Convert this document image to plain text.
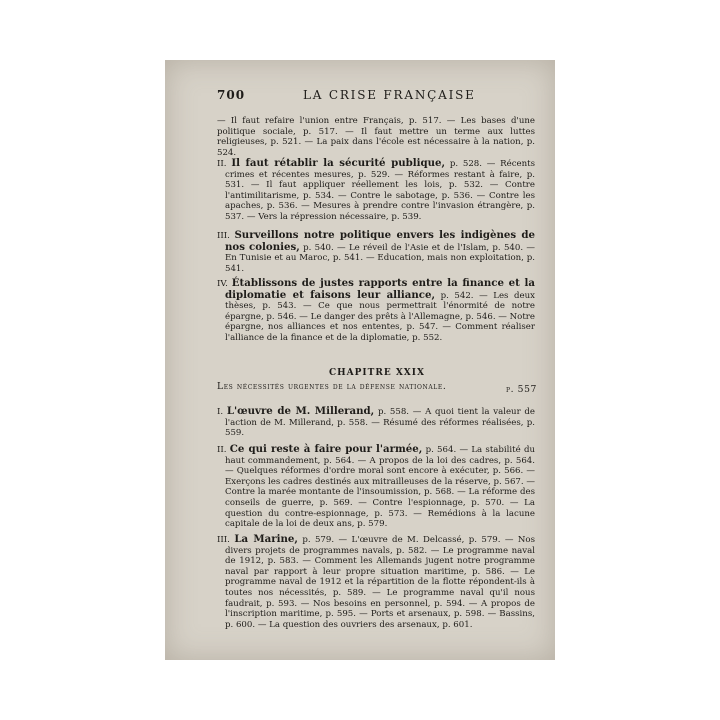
700	LA CRISE FRANÇAISE

— Il faut refaire l'union entre Français, p. 517. — Les bases d'une politique sociale, p. 517. — Il faut mettre un terme aux luttes religieuses, p. 521. — La paix dans l'école est nécessaire à la nation, p. 524.

II. Il faut rétablir la sécurité publique, p. 528. — Récents crimes et récentes mesures, p. 529. — Réformes restant à faire, p. 531. — Il faut appliquer réellement les lois, p. 532. — Contre l'antimilitarisme, p. 534. — Contre le sabotage, p. 536. — Contre les apaches, p. 536. — Mesures à prendre contre l'invasion étrangère, p. 537. — Vers la répression nécessaire, p. 539.

III. Surveillons notre politique envers les indigènes de nos colonies, p. 540. — Le réveil de l'Asie et de l'Islam, p. 540. — En Tunisie et au Maroc, p. 541. — Education, mais non exploitation, p. 541.

IV. Établissons de justes rapports entre la finance et la diplomatie et faisons leur alliance, p. 542. — Les deux thèses, p. 543. — Ce que nous permettrait l'énormité de notre épargne, p. 546. — Le danger des prêts à l'Allemagne, p. 546. — Notre épargne, nos alliances et nos ententes, p. 547. — Comment réaliser l'alliance de la finance et de la diplomatie, p. 552.

CHAPITRE XXIX
Les nécessités urgentes de la défense nationale.	p. 557

I. L'œuvre de M. Millerand, p. 558. — A quoi tient la valeur de l'action de M. Millerand, p. 558. — Résumé des réformes réalisées, p. 559.

II. Ce qui reste à faire pour l'armée, p. 564. — La stabilité du haut commandement, p. 564. — A propos de la loi des cadres, p. 564. — Quelques réformes d'ordre moral sont encore à exécuter, p. 566. — Exerçons les cadres destinés aux mitrailleuses de la réserve, p. 567. — Contre la marée montante de l'insoumission, p. 568. — La réforme des conseils de guerre, p. 569. — Contre l'espionnage, p. 570. — La question du contre-espionnage, p. 573. — Remédions à la lacune capitale de la loi de deux ans, p. 579.

III. La Marine, p. 579. — L'œuvre de M. Delcassé, p. 579. — Nos divers projets de programmes navals, p. 582. — Le programme naval de 1912, p. 583. — Comment les Allemands jugent notre programme naval par rapport à leur propre situation maritime, p. 586. — Le programme naval de 1912 et la répartition de la flotte répondent-ils à toutes nos nécessités, p. 589. — Le programme naval qu'il nous faudrait, p. 593. — Nos besoins en personnel, p. 594. — A propos de l'inscription maritime, p. 595. — Ports et arsenaux, p. 598. — Bassins, p. 600. — La question des ouvriers des arsenaux, p. 601.
